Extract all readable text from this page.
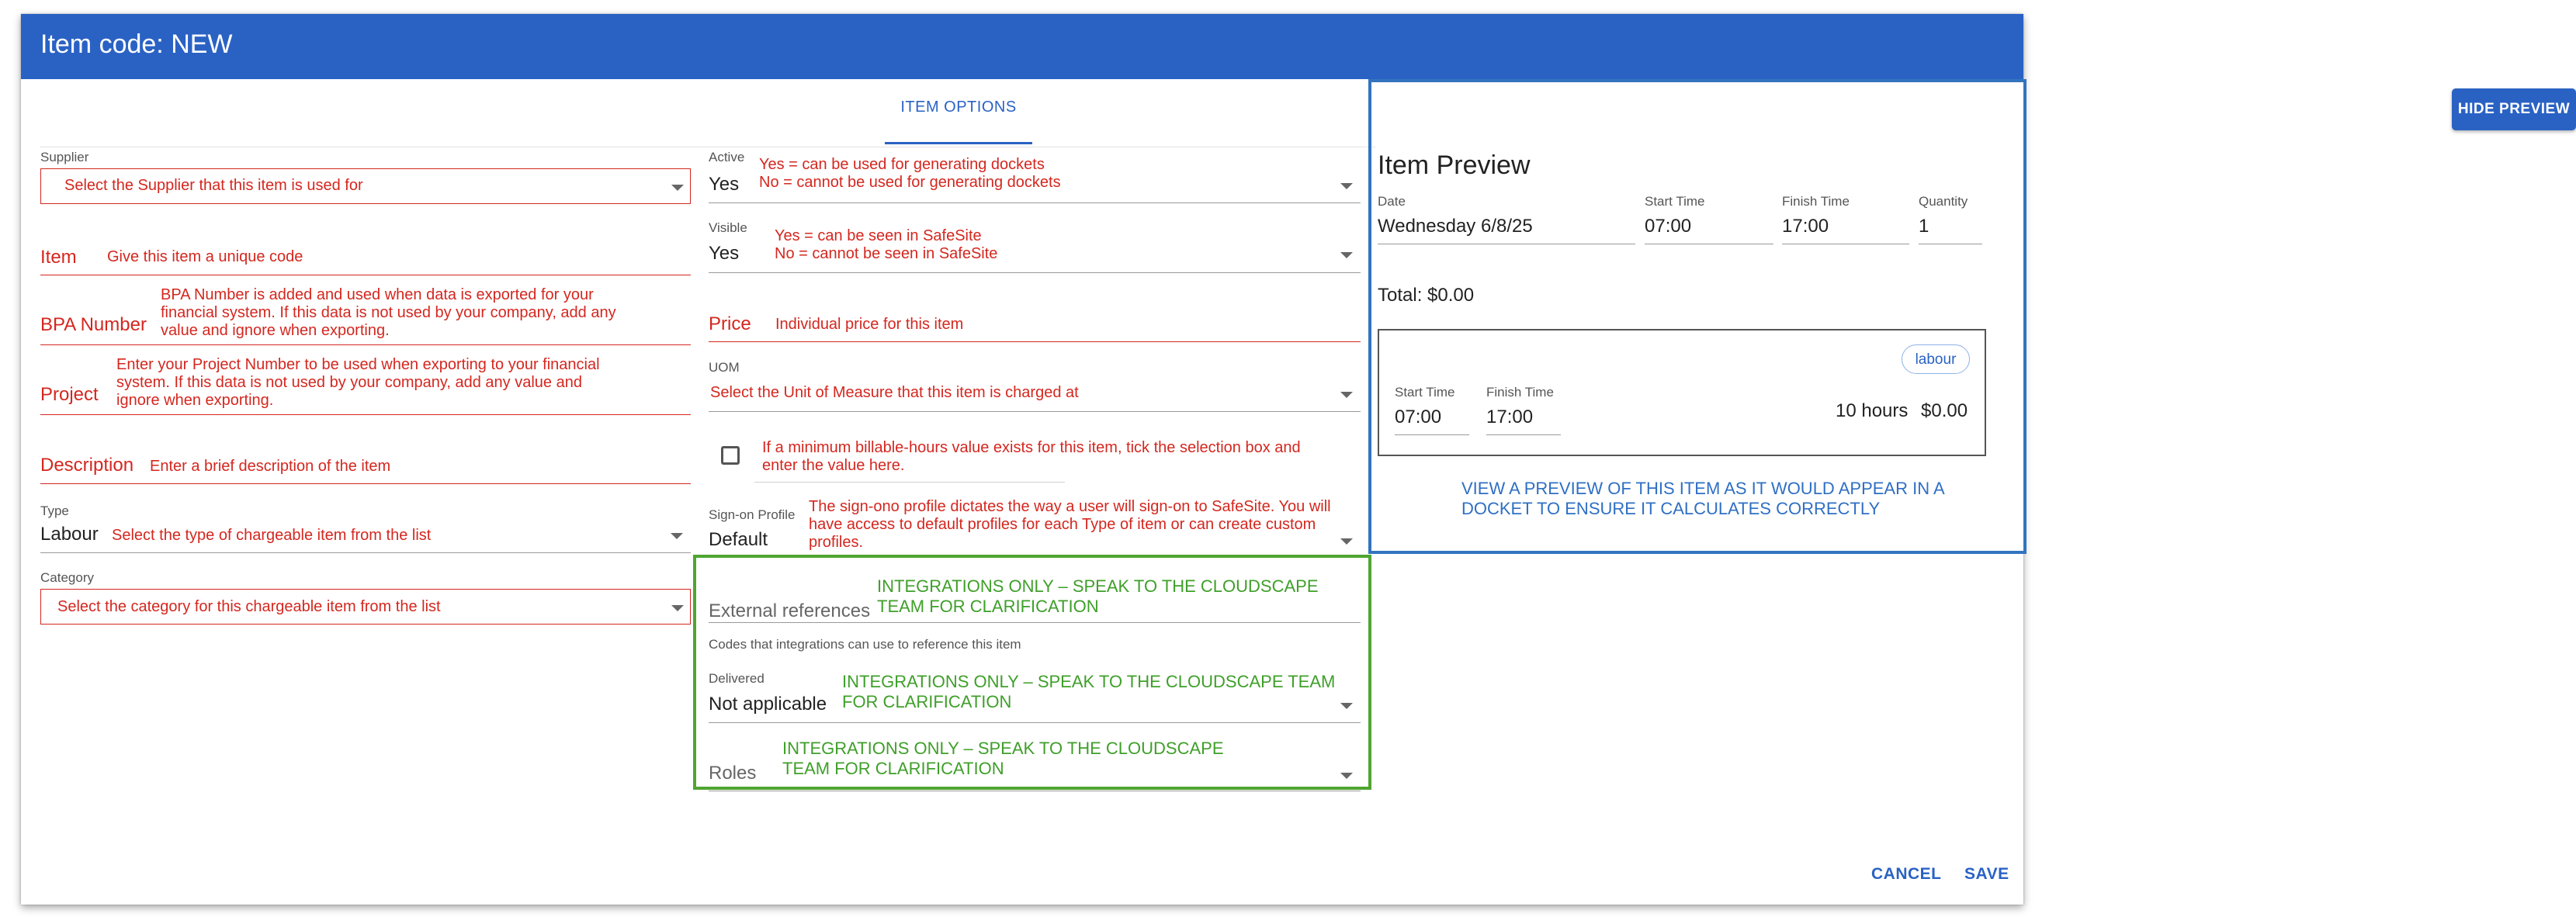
Item code: NEW
ITEM OPTIONS
Supplier
Select the Supplier that this item is used for
Item Give this item a unique code
BPA Number is added and used when data is exported for your
financial system. If this data is not used by your company, add any
value and ignore when exporting.
BPA Number
Enter your Project Number to be used when exporting to your financial
system. If this data is not used by your company, add any value and
ignore when exporting.
Project
Description Enter a brief description of the item
Type
Labour Select the type of chargeable item from the list
Category
Select the category for this chargeable item from the list
Active
Yes
Yes = can be used for generating dockets
No = cannot be used for generating dockets
Visible
Yes
Yes = can be seen in SafeSite
No = cannot be seen in SafeSite
Price Individual price for this item
UOM
Select the Unit of Measure that this item is charged at
If a minimum billable-hours value exists for this item, tick the selection box and
enter the value here.
Sign-on Profile
Default
The sign-ono profile dictates the way a user will sign-on to SafeSite. You will
have access to default profiles for each Type of item or can create custom
profiles.
External references
INTEGRATIONS ONLY – SPEAK TO THE CLOUDSCAPE
TEAM FOR CLARIFICATION
Codes that integrations can use to reference this item
Delivered
Not applicable
INTEGRATIONS ONLY – SPEAK TO THE CLOUDSCAPE TEAM
FOR CLARIFICATION
Roles
INTEGRATIONS ONLY – SPEAK TO THE CLOUDSCAPE
TEAM FOR CLARIFICATION
HIDE PREVIEW
Item Preview
Date
Wednesday 6/8/25
Start Time
07:00
Finish Time
17:00
Quantity
1
Total: $0.00
labour
Start Time
07:00
Finish Time
17:00	10 hours $0.00
VIEW A PREVIEW OF THIS ITEM AS IT WOULD APPEAR IN A
DOCKET TO ENSURE IT CALCULATES CORRECTLY
CANCEL SAVE
